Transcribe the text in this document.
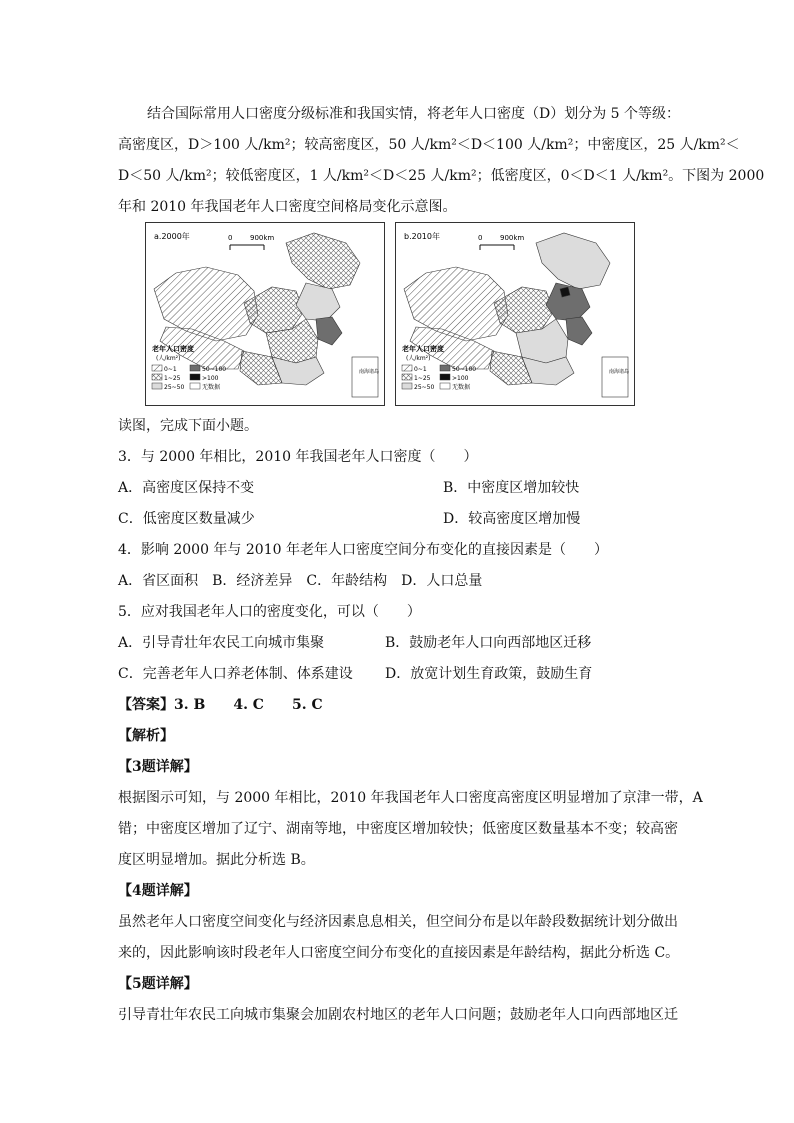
结合国际常用人口密度分级标准和我国实情，将老年人口密度（D）划分为 5 个等级：
高密度区，D＞100 人/km²；较高密度区，50 人/km²＜D＜100 人/km²；中密度区，25 人/km²＜
D＜50 人/km²；较低密度区，1 人/km²＜D＜25 人/km²；低密度区，0＜D＜1 人/km²。下图为 2000
年和 2010 年我国老年人口密度空间格局变化示意图。
a.2000年	0	900km
老年人口密度
(人/km²)
0~1	50~100
1~25	>100
25~50	无数据
南海诸岛
b.2010年	0	900km
老年人口密度
(人/km²)
0~1	50~100
1~25	>100
25~50	无数据
南海诸岛
读图，完成下面小题。
3．与 2000 年相比，2010 年我国老年人口密度（　　）
A．高密度区保持不变	B．中密度区增加较快
C．低密度区数量减少	D．较高密度区增加慢
4．影响 2000 年与 2010 年老年人口密度空间分布变化的直接因素是（　　）
A．省区面积　B．经济差异　C．年龄结构　D．人口总量
5．应对我国老年人口的密度变化，可以（　　）
A．引导青壮年农民工向城市集聚	B．鼓励老年人口向西部地区迁移
C．完善老年人口养老体制、体系建设 D．放宽计划生育政策，鼓励生育
【答案】3. B　　4. C　　5. C
【解析】
【3题详解】
根据图示可知，与 2000 年相比，2010 年我国老年人口密度高密度区明显增加了京津一带，A
错；中密度区增加了辽宁、湖南等地，中密度区增加较快；低密度区数量基本不变；较高密
度区明显增加。据此分析选 B。
【4题详解】
虽然老年人口密度空间变化与经济因素息息相关，但空间分布是以年龄段数据统计划分做出
来的，因此影响该时段老年人口密度空间分布变化的直接因素是年龄结构，据此分析选 C。
【5题详解】
引导青壮年农民工向城市集聚会加剧农村地区的老年人口问题；鼓励老年人口向西部地区迁
